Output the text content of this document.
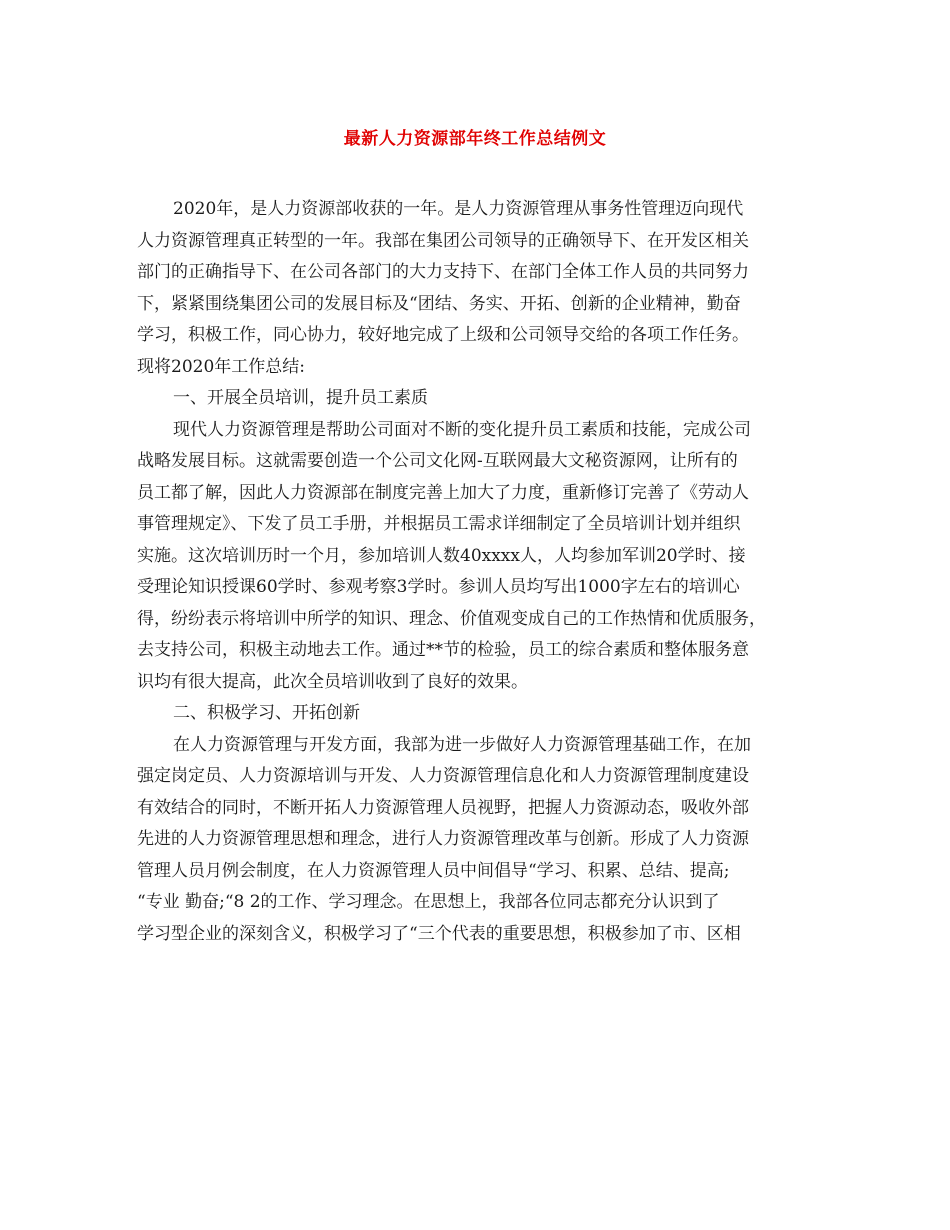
最新人力资源部年终工作总结例文
2020年，是人力资源部收获的一年。是人力资源管理从事务性管理迈向现代
人力资源管理真正转型的一年。我部在集团公司领导的正确领导下、在开发区相关
部门的正确指导下、在公司各部门的大力支持下、在部门全体工作人员的共同努力
下，紧紧围绕集团公司的发展目标及“团结、务实、开拓、创新的企业精神，勤奋
学习，积极工作，同心协力，较好地完成了上级和公司领导交给的各项工作任务。
现将2020年工作总结:
一、开展全员培训，提升员工素质
现代人力资源管理是帮助公司面对不断的变化提升员工素质和技能，完成公司
战略发展目标。这就需要创造一个公司文化网-互联网最大文秘资源网，让所有的
员工都了解，因此人力资源部在制度完善上加大了力度，重新修订完善了《劳动人
事管理规定》、下发了员工手册，并根据员工需求详细制定了全员培训计划并组织
实施。这次培训历时一个月，参加培训人数40xxxx人，人均参加军训20学时、接
受理论知识授课60学时、参观考察3学时。参训人员均写出1000字左右的培训心
得，纷纷表示将培训中所学的知识、理念、价值观变成自己的工作热情和优质服务，
去支持公司，积极主动地去工作。通过**节的检验，员工的综合素质和整体服务意
识均有很大提高，此次全员培训收到了良好的效果。
二、积极学习、开拓创新
在人力资源管理与开发方面，我部为进一步做好人力资源管理基础工作，在加
强定岗定员、人力资源培训与开发、人力资源管理信息化和人力资源管理制度建设
有效结合的同时，不断开拓人力资源管理人员视野，把握人力资源动态，吸收外部
先进的人力资源管理思想和理念，进行人力资源管理改革与创新。形成了人力资源
管理人员月例会制度，在人力资源管理人员中间倡导“学习、积累、总结、提高;
“专业 勤奋;“8 2的工作、学习理念。在思想上，我部各位同志都充分认识到了
学习型企业的深刻含义，积极学习了“三个代表的重要思想，积极参加了市、区相
